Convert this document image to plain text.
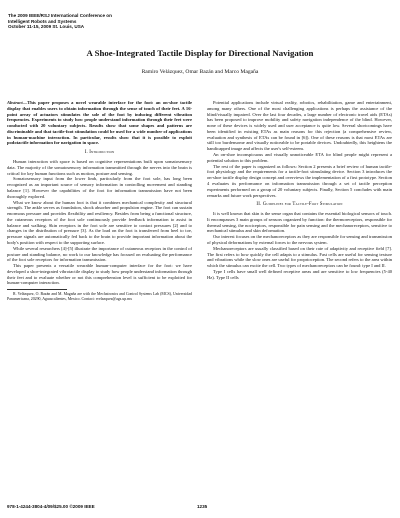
The 2009 IEEE/RSJ International Conference on
Intelligent Robots and Systems
October 11-15, 2009 St. Louis, USA
A Shoe-Integrated Tactile Display for Directional Navigation
Ramiro Velázquez, Omar Bazán and Marco Magaña

Abstract—This paper proposes a novel wearable interface for the foot: an on-shoe tactile display that enables users to obtain information through the sense of touch of their feet. A 16-point array of actuators stimulates the sole of the foot by inducing different vibration frequencies. Experiments to study how people understand information through their feet were conducted with 20 voluntary subjects. Results show that some shapes and patterns are discriminable and that tactile-foot stimulation could be used for a wide number of applications in human-machine interaction. In particular, results show that it is possible to exploit podotactile information for navigation in space.

I. Introduction

Human interaction with space is based on cognitive representations built upon somatosensory data. The majority of the somatosensory information transmitted through the nerves into the brain is critical for key human functions such as motion, posture and sensing.

Somatosensory input from the lower limb, particularly from the foot sole, has long been recognized as an important source of sensory information in controlling movement and standing balance [1]. However the capabilities of the foot for information transmission have not been thoroughly explored.

What we know about the human foot is that it combines mechanical complexity and structural strength. The ankle serves as foundation, shock absorber and propulsion engine. The foot can sustain enormous pressure and provides flexibility and resiliency. Besides from being a functional structure, the cutaneous receptors of the foot sole continuously provide feedback information to assist in balance and walking. Skin receptors in the foot sole are sensitive to contact pressures [2] and to changes in the distribution of pressure [3]. As the load on the foot is transferred from heel to toe, pressure signals are automatically fed back to the brain to provide important information about the body's position with respect to the supporting surface.

While several researchers [4]-[5] illustrate the importance of cutaneous receptors in the control of posture and standing balance, no work to our knowledge has focused on evaluating the performance of the foot sole receptors for information transmission.

This paper presents a versatile wearable human-computer interface for the foot: we have developed a shoe-integrated vibrotactile display to study how people understand information through their feet and to evaluate whether or not this comprehension level is sufficient to be exploited for human-computer interaction.

R. Velázquez, O. Bazán and M. Magaña are with the Mechatronics and Control Systems Lab (MCS), Universidad Panamericana, 20290, Aguascalientes, Mexico. Contact: rvelazquez@ags.up.mx

Potential applications include virtual reality, robotics, rehabilitation, game and entertainment, among many others. One of the most challenging applications is perhaps the assistance of the blind/visually impaired. Over the last four decades, a large number of electronic travel aids (ETAs) has been proposed to improve mobility and safety navigation independence of the blind. However, none of these devices is widely used and user acceptance is quite low. Several shortcomings have been identified in existing ETAs as main reasons for this rejection (a comprehensive review, evaluation and synthesis of ETAs can be found in [6]). One of these reasons is that most ETAs are still too burdensome and visually noticeable to be portable devices. Undoubtedly, this heightens the handicapped image and affects the user's self-esteem.

An on-shoe inconspicuous and visually unnoticeable ETA for blind people might represent a potential solution to this problem.

The rest of the paper is organized as follows: Section 2 presents a brief review of human tactile-foot physiology and the requirements for a tactile-foot stimulating device. Section 3 introduces the on-shoe tactile display design concept and overviews the implementation of a first prototype. Section 4 evaluates its performance on information transmission through a set of tactile perception experiments performed on a group of 20 voluntary subjects. Finally, Section 5 concludes with main remarks and future work perspectives.

II. Guidelines for Tactile-Foot Stimulation

It is well known that skin is the sense organ that contains the essential biological sensors of touch. It encompasses 3 main groups of sensors organized by function: the thermoreceptors, responsible for thermal sensing, the nociceptors, responsible for pain sensing and the mechanoreceptors, sensitive to mechanical stimulus and skin deformation.

Our interest focuses on the mechanoreceptors as they are responsible for sensing and transmission of physical deformations by external forces to the nervous system.

Mechanoreceptors are usually classified based on their rate of adaptivity and receptive field [7]. The first refers to how quickly the cell adapts to a stimulus. Fast cells are useful for sensing texture and vibrations while the slow ones are useful for proprioception. The second refers to the area within which the stimulus can excite the cell. Two types of mechanoreceptors can be found: type I and II.

Type I cells have small well defined receptive areas and are sensitive to low frequencies (5-40 Hz). Type II cells

978-1-4244-3804-4/09/$25.00 ©2009 IEEE	1235
